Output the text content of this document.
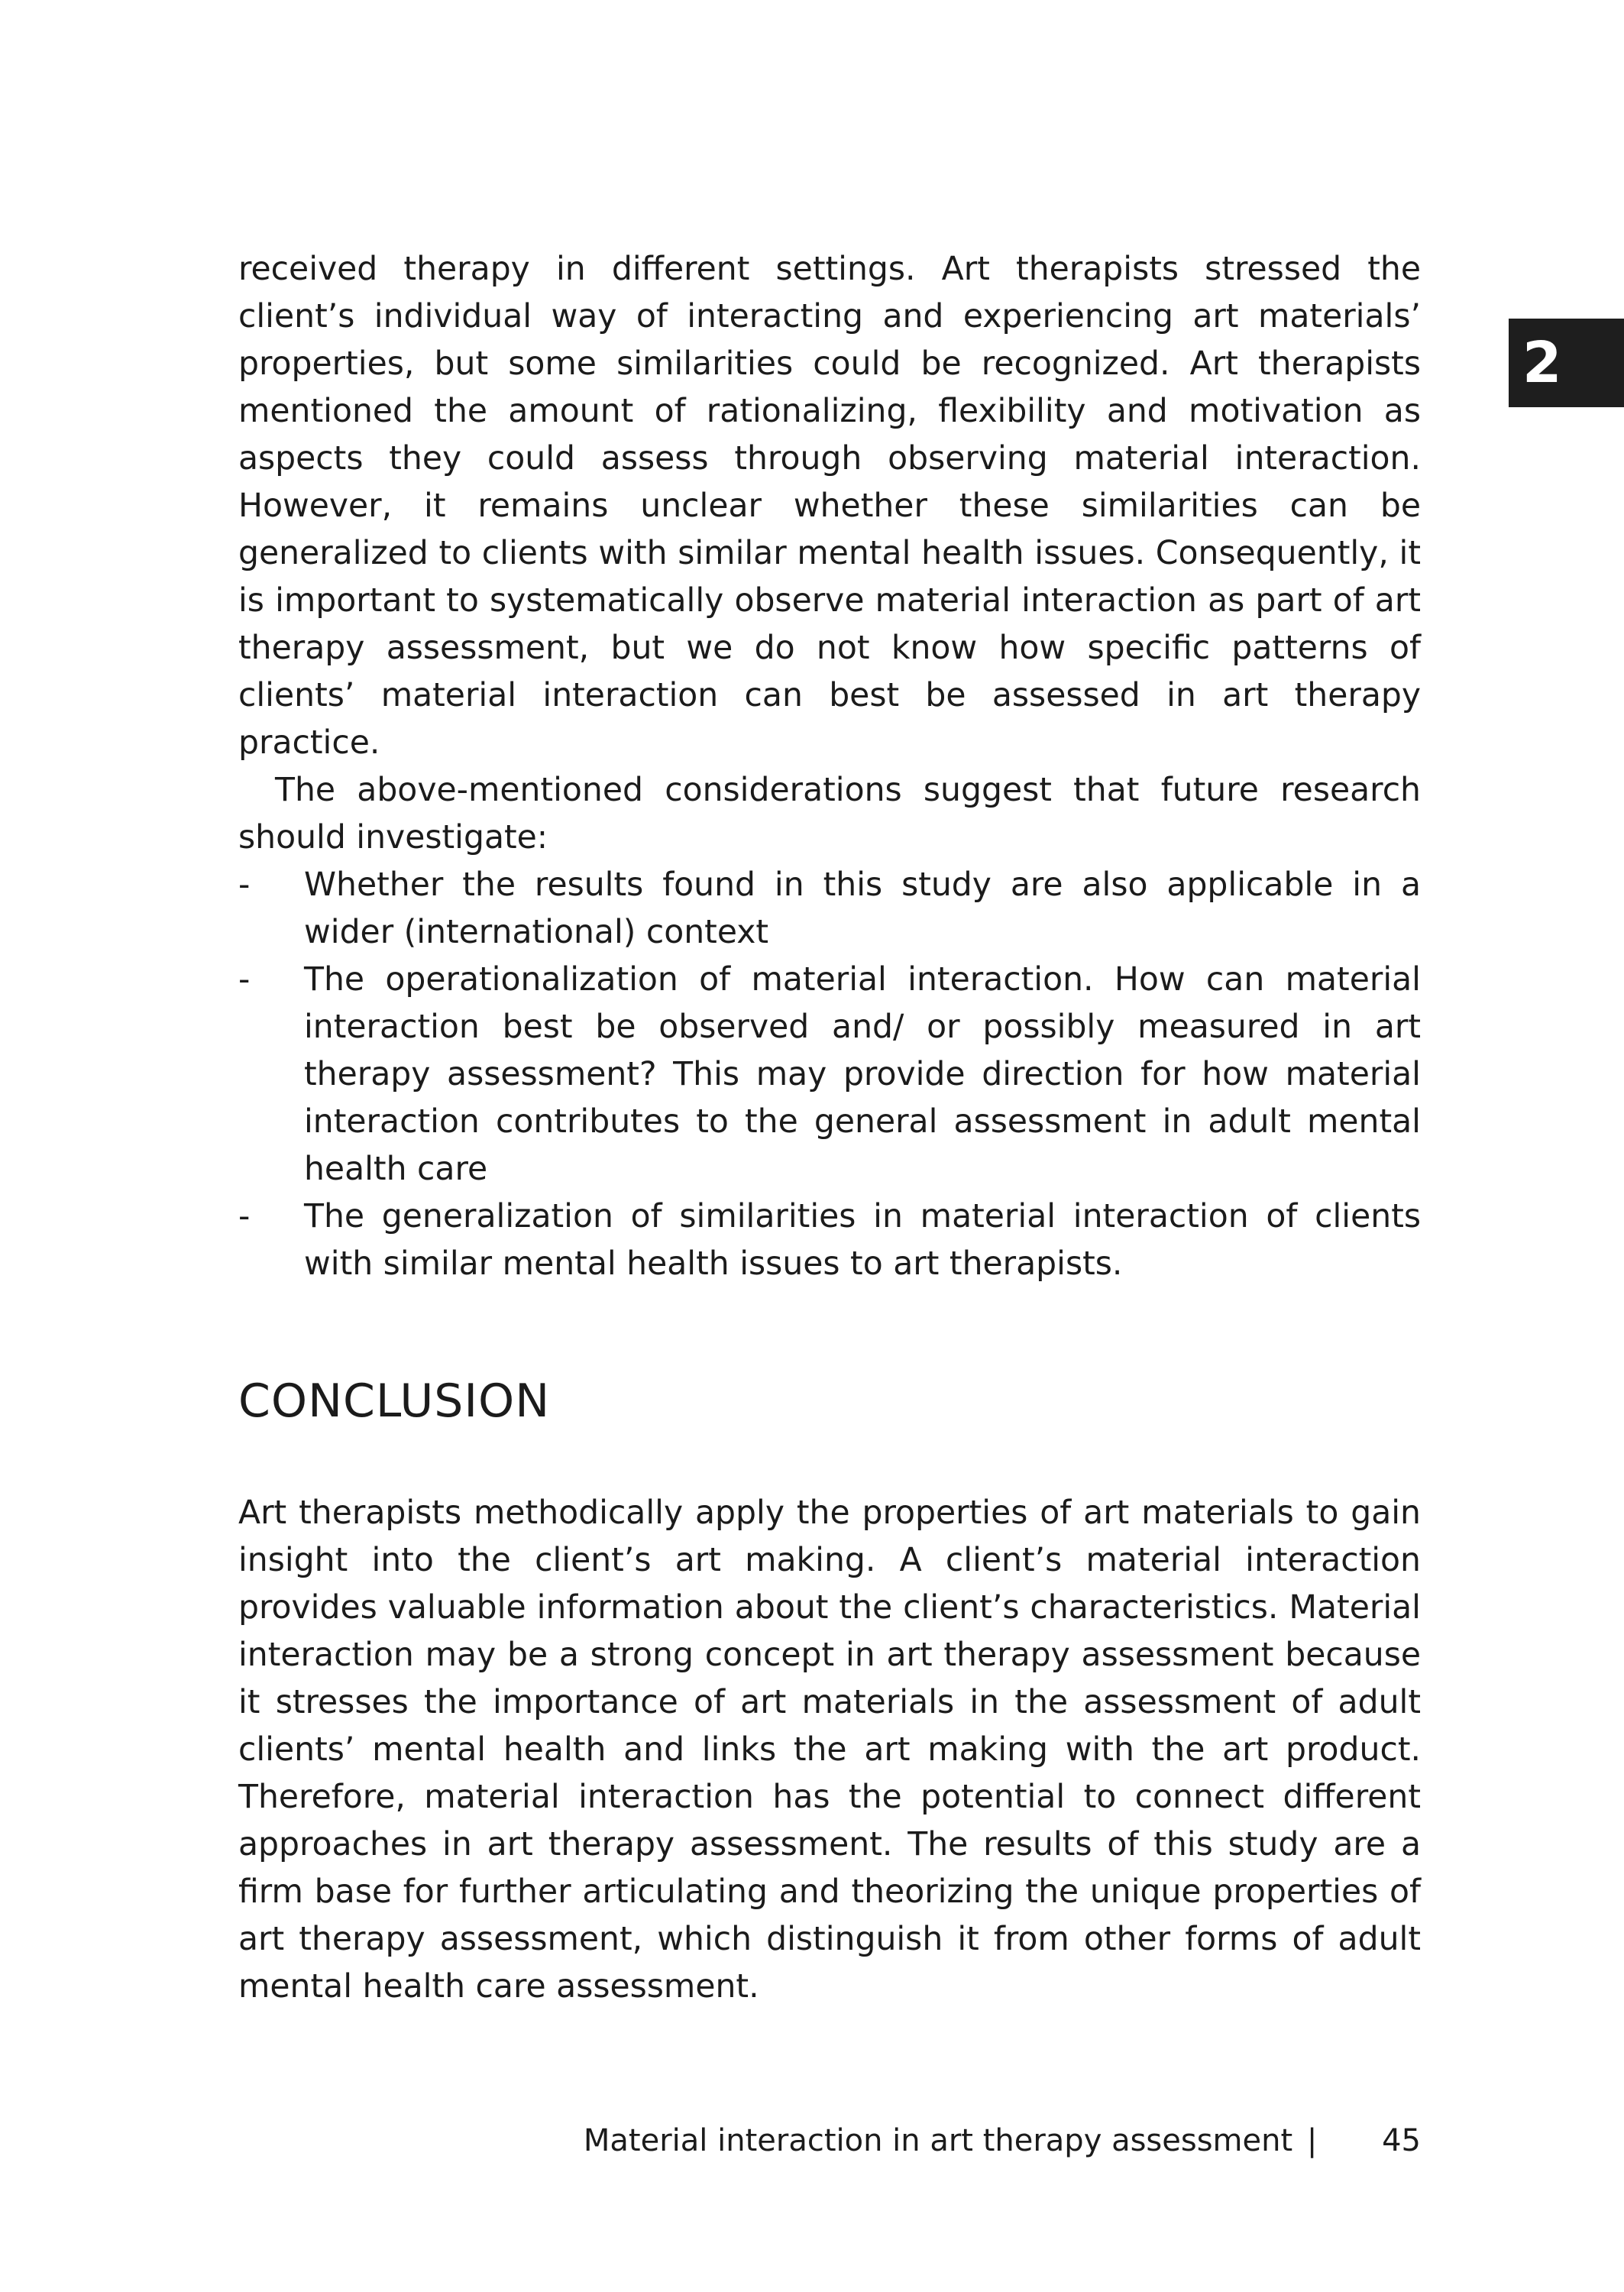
2

received therapy in different settings. Art therapists stressed the client’s individual way of interacting and experiencing art materials’ properties, but some similarities could be recognized. Art therapists mentioned the amount of rationalizing, flexibility and motivation as aspects they could assess through observing material interaction. However, it remains unclear whether these similarities can be generalized to clients with similar mental health issues. Consequently, it is important to systematically observe material interaction as part of art therapy assessment, but we do not know how specific patterns of clients’ material interaction can best be assessed in art therapy practice.

The above-mentioned considerations suggest that future research should investigate:

- Whether the results found in this study are also applicable in a wider (international) context
- The operationalization of material interaction. How can material interaction best be observed and/ or possibly measured in art therapy assessment? This may provide direction for how material interaction contributes to the general assessment in adult mental health care
- The generalization of similarities in material interaction of clients with similar mental health issues to art therapists.
CONCLUSION

Art therapists methodically apply the properties of art materials to gain insight into the client’s art making. A client’s material interaction provides valuable information about the client’s characteristics. Material interaction may be a strong concept in art therapy assessment because it stresses the importance of art materials in the assessment of adult clients’ mental health and links the art making with the art product. Therefore, material interaction has the potential to connect different approaches in art therapy assessment. The results of this study are a firm base for further articulating and theorizing the unique properties of art therapy assessment, which distinguish it from other forms of adult mental health care assessment.

Material interaction in art therapy assessment | 45
